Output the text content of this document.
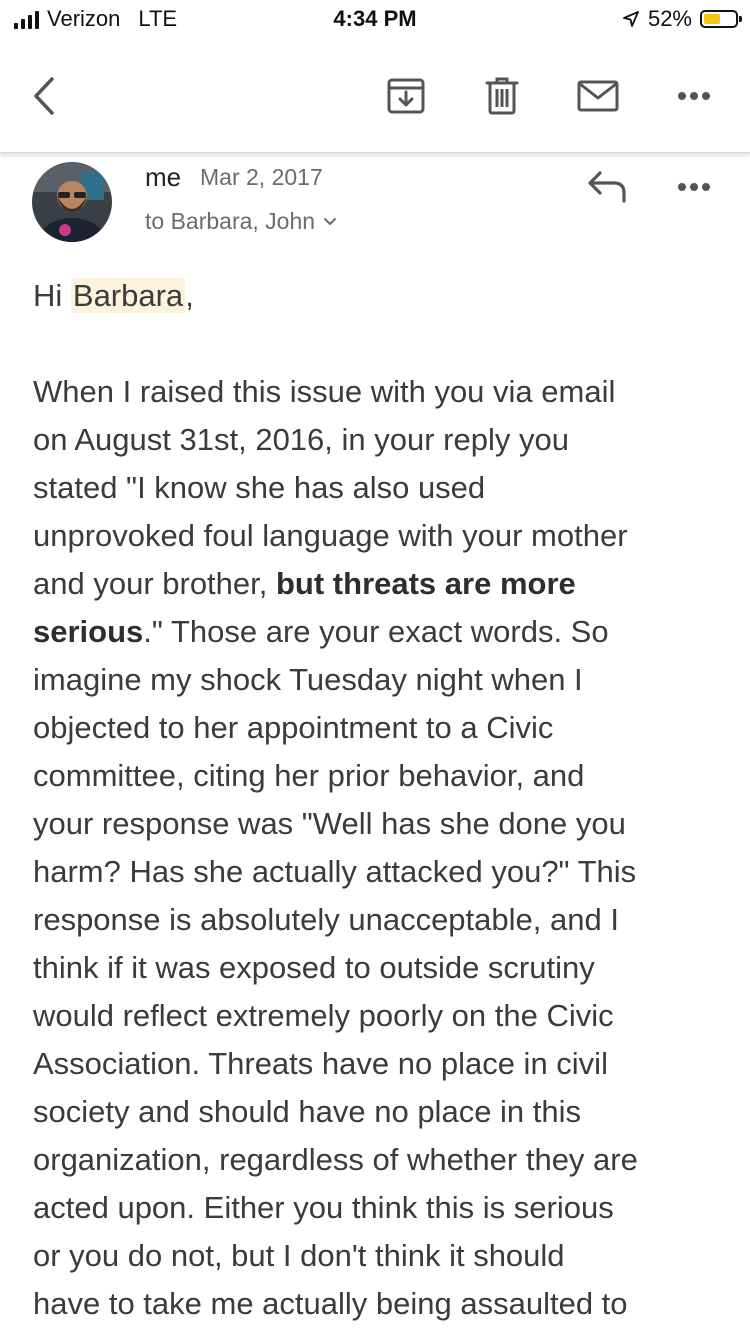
Verizon LTE	4:34 PM	52%
me Mar 2, 2017
to Barbara, John

Hi Barbara,

When I raised this issue with you via email
on August 31st, 2016, in your reply you
stated "I know she has also used
unprovoked foul language with your mother
and your brother, but threats are more
serious." Those are your exact words. So
imagine my shock Tuesday night when I
objected to her appointment to a Civic
committee, citing her prior behavior, and
your response was "Well has she done you
harm? Has she actually attacked you?" This
response is absolutely unacceptable, and I
think if it was exposed to outside scrutiny
would reflect extremely poorly on the Civic
Association. Threats have no place in civil
society and should have no place in this
organization, regardless of whether they are
acted upon. Either you think this is serious
or you do not, but I don't think it should
have to take me actually being assaulted to
